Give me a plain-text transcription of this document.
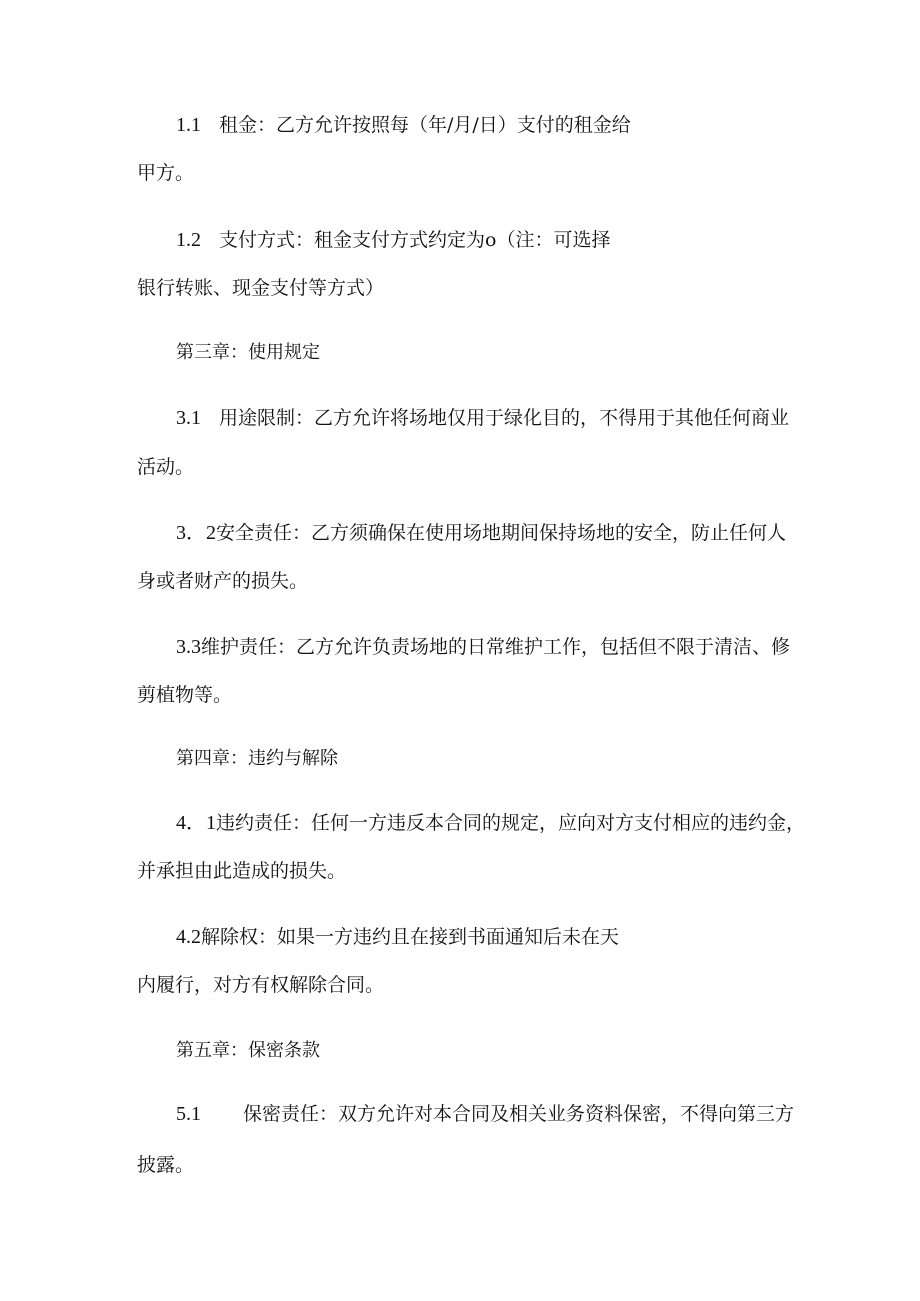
1.1 租金：乙方允许按照每（年/月/日）支付的租金给
甲方。
1.2 支付方式：租金支付方式约定为o（注：可选择
银行转账、现金支付等方式）
第三章：使用规定
3.1 用途限制：乙方允许将场地仅用于绿化目的，不得用于其他任何商业
活动。
3．2安全责任：乙方须确保在使用场地期间保持场地的安全，防止任何人
身或者财产的损失。
3.3维护责任：乙方允许负责场地的日常维护工作，包括但不限于清洁、修
剪植物等。
第四章：违约与解除
4．1违约责任：任何一方违反本合同的规定，应向对方支付相应的违约金，
并承担由此造成的损失。
4.2解除权：如果一方违约且在接到书面通知后未在天
内履行，对方有权解除合同。
第五章：保密条款
5.1 保密责任：双方允许对本合同及相关业务资料保密，不得向第三方
披露。
